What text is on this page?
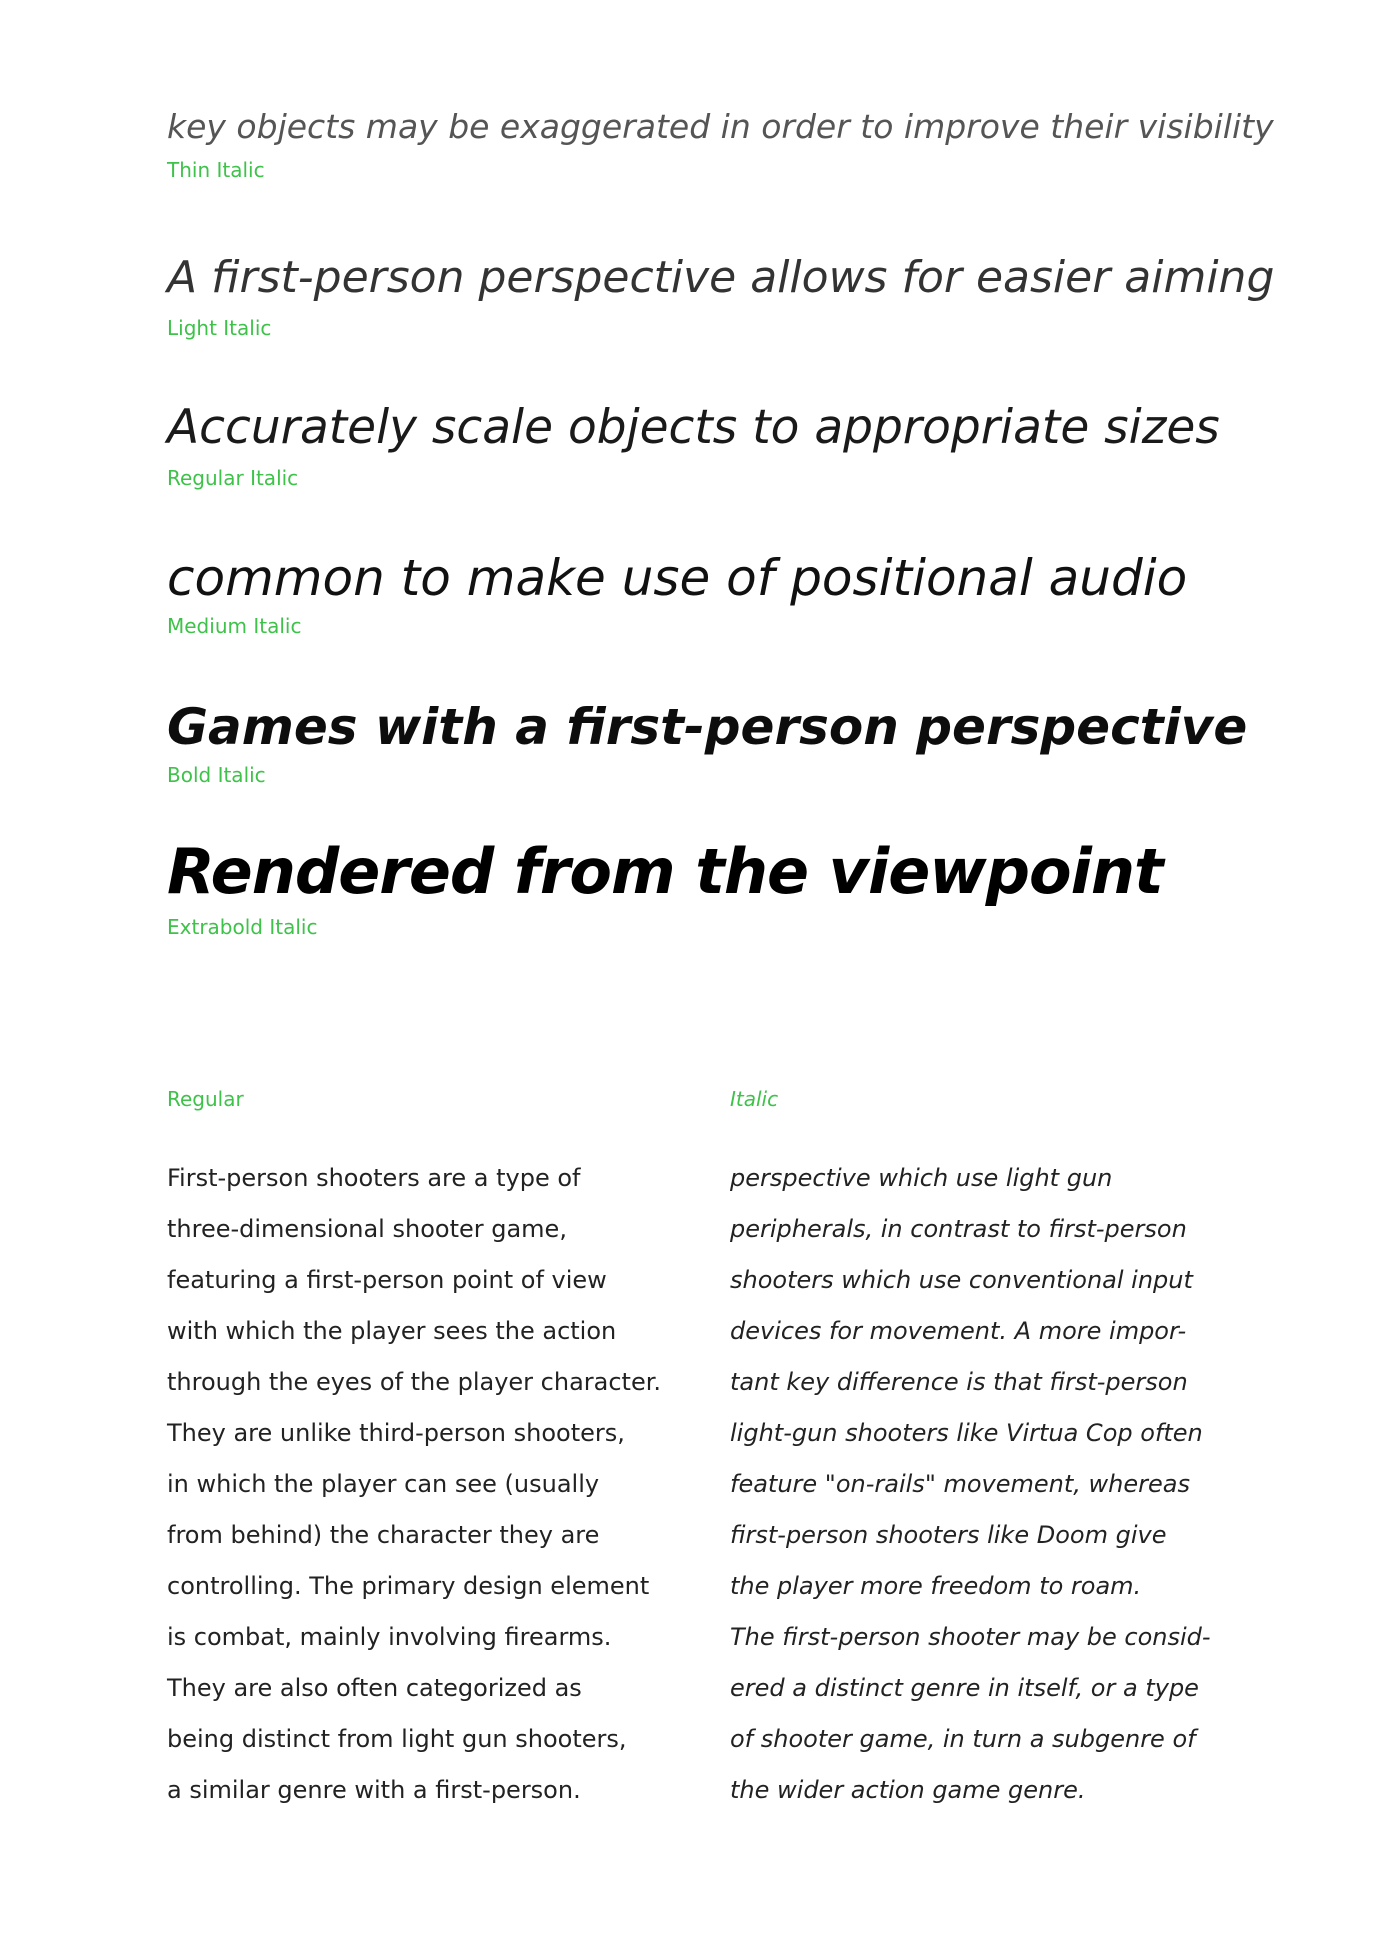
key objects may be exaggerated in order to improve their visibility

Thin Italic

A first-person perspective allows for easier aiming

Light Italic

Accurately scale objects to appropriate sizes

Regular Italic

common to make use of positional audio

Medium Italic

Games with a first-person perspective

Bold Italic

Rendered from the viewpoint

Extrabold Italic

Regular

First-person shooters are a type of

three-dimensional shooter game,

featuring a first-person point of view

with which the player sees the action

through the eyes of the player character.

They are unlike third-person shooters,

in which the player can see (usually

from behind) the character they are

controlling. The primary design element

is combat, mainly involving firearms.

They are also often categorized as

being distinct from light gun shooters,

a similar genre with a first-person.

Italic

perspective which use light gun

peripherals, in contrast to first-person

shooters which use conventional input

devices for movement. A more impor-

tant key difference is that first-person

light-gun shooters like Virtua Cop often

feature "on-rails" movement, whereas

first-person shooters like Doom give

the player more freedom to roam.

The first-person shooter may be consid-

ered a distinct genre in itself, or a type

of shooter game, in turn a subgenre of

the wider action game genre.
